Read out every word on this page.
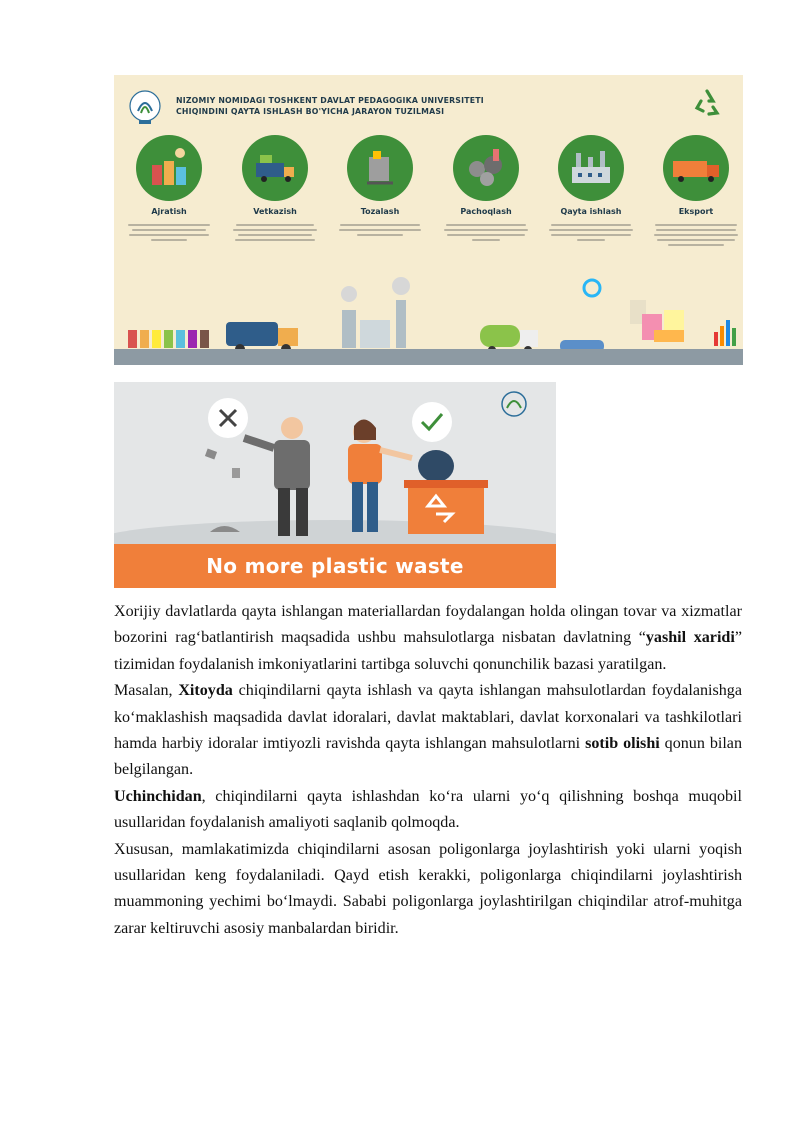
NIZOMIY NOMIDAGI TOSHKENT DAVLAT PEDAGOGIKA UNIVERSITETI
CHIQINDINI QAYTA ISHLASH BO'YICHA JARAYON TUZILMASI
Ajratish	Vetkazish	Tozalash	Pachoqlash	Qayta ishlash	Eksport
No more plastic waste

Xorijiy davlatlarda qayta ishlangan materiallardan foydalangan holda olingan tovar va xizmatlar bozorini rag‘batlantirish maqsadida ushbu mahsulotlarga nisbatan davlatning “yashil xaridi” tizimidan foydalanish imkoniyatlarini tartibga soluvchi qonunchilik bazasi yaratilgan.

Masalan, Xitoyda chiqindilarni qayta ishlash va qayta ishlangan mahsulotlardan foydalanishga ko‘maklashish maqsadida davlat idoralari, davlat maktablari, davlat korxonalari va tashkilotlari hamda harbiy idoralar imtiyozli ravishda qayta ishlangan mahsulotlarni sotib olishi qonun bilan belgilangan.

Uchinchidan, chiqindilarni qayta ishlashdan ko‘ra ularni yo‘q qilishning boshqa muqobil usullaridan foydalanish amaliyoti saqlanib qolmoqda.

Xususan, mamlakatimizda chiqindilarni asosan poligonlarga joylashtirish yoki ularni yoqish usullaridan keng foydalaniladi. Qayd etish kerakki, poligonlarga chiqindilarni joylashtirish muammoning yechimi bo‘lmaydi. Sababi poligonlarga joylashtirilgan chiqindilar atrof-muhitga zarar keltiruvchi asosiy manbalardan biridir.
